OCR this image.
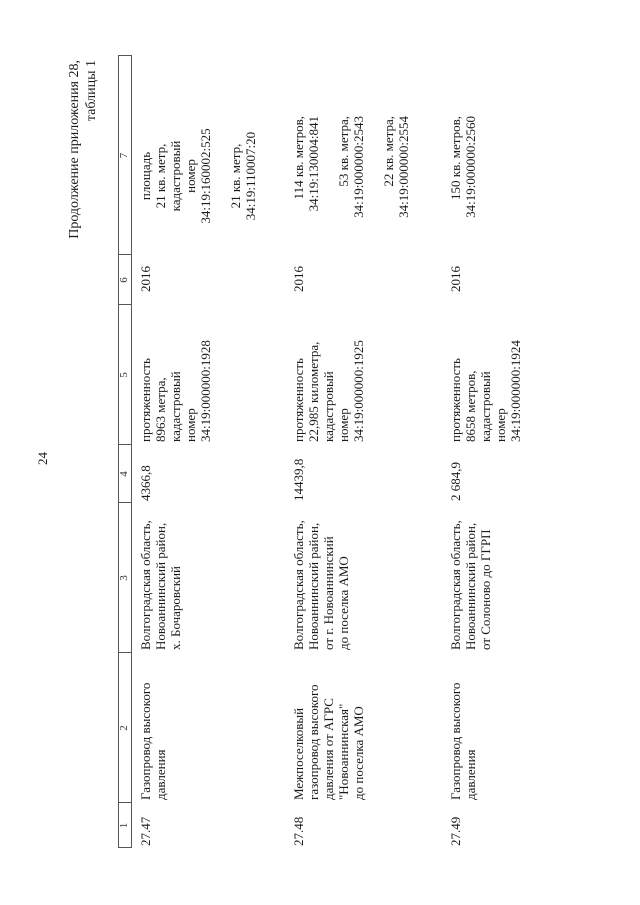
24
Продолжение приложения 28, таблицы 1
1
2
3
4
5
6
7
27.47
Газопровод высокого давления
Волгоградская область, Новоаннинский район, х. Бочаровский
4366,8
протяженность 8963 метра, кадастровый номер 34:19:000000:1928
2016
площадь 21 кв. метр, кадастровый номер 34:19:160002:525
21 кв. метр, 34:19:110007:20
27.48
Межпоселковый газопровод высокого давления от АГРС "Новоаннинская" до поселка АМО
Волгоградская область, Новоаннинский район, от г. Новоаннинский до поселка АМО
14439,8
протяженность 22,985 километра, кадастровый номер 34:19:000000:1925
2016
114 кв. метров, 34:19:130004:841
53 кв. метра, 34:19:000000:2543
22 кв. метра, 34:19:000000:2554
27.49
Газопровод высокого давления
Волгоградская область, Новоаннинский район, от Солоново до ГГРП
2 684,9
протяженность 8658 метров, кадастровый номер 34:19:000000:1924
2016
150 кв. метров, 34:19:000000:2560
